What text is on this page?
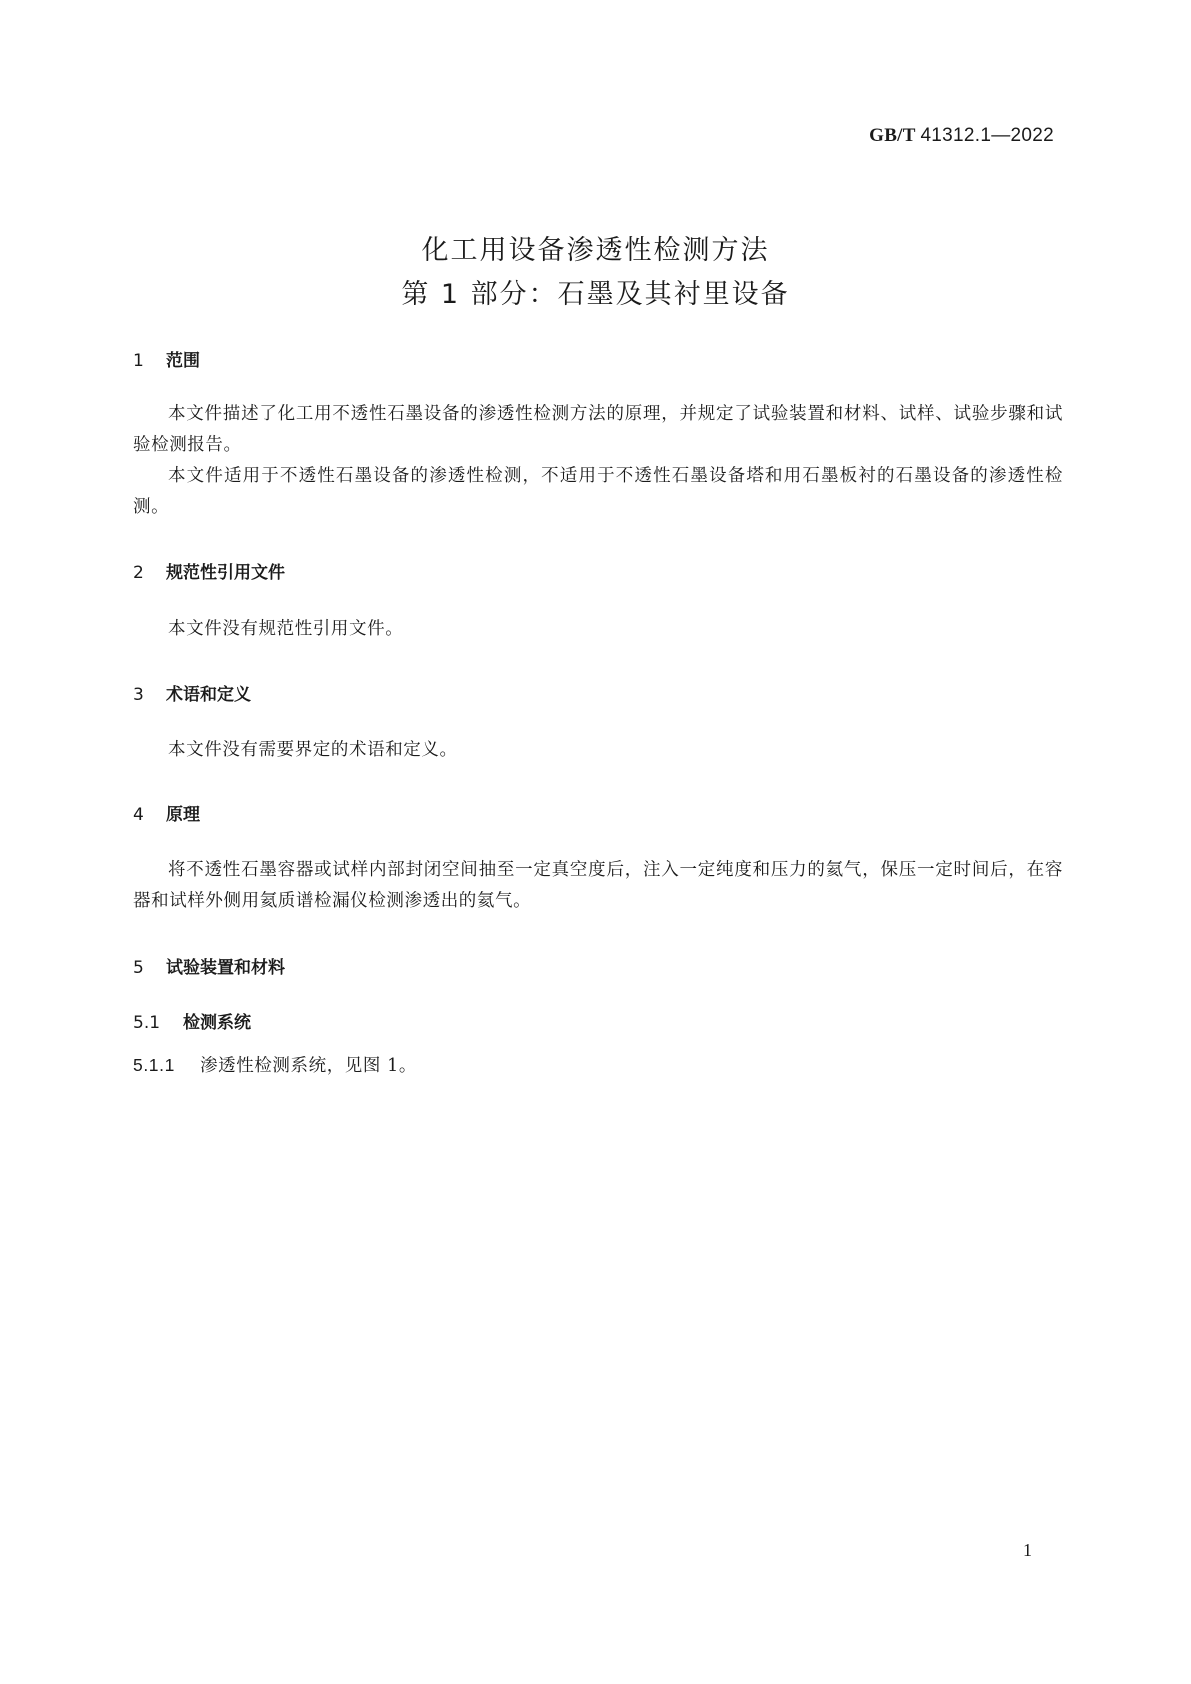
GB/T 41312.1—2022
化工用设备渗透性检测方法
第 1 部分：石墨及其衬里设备
1 范围
本文件描述了化工用不透性石墨设备的渗透性检测方法的原理，并规定了试验装置和材料、试样、试验步骤和试验检测报告。
本文件适用于不透性石墨设备的渗透性检测，不适用于不透性石墨设备塔和用石墨板衬的石墨设备的渗透性检测。
2 规范性引用文件
本文件没有规范性引用文件。
3 术语和定义
本文件没有需要界定的术语和定义。
4 原理
将不透性石墨容器或试样内部封闭空间抽至一定真空度后，注入一定纯度和压力的氦气，保压一定时间后，在容器和试样外侧用氦质谱检漏仪检测渗透出的氦气。
5 试验装置和材料
5.1 检测系统
5.1.1 渗透性检测系统，见图 1。
1
